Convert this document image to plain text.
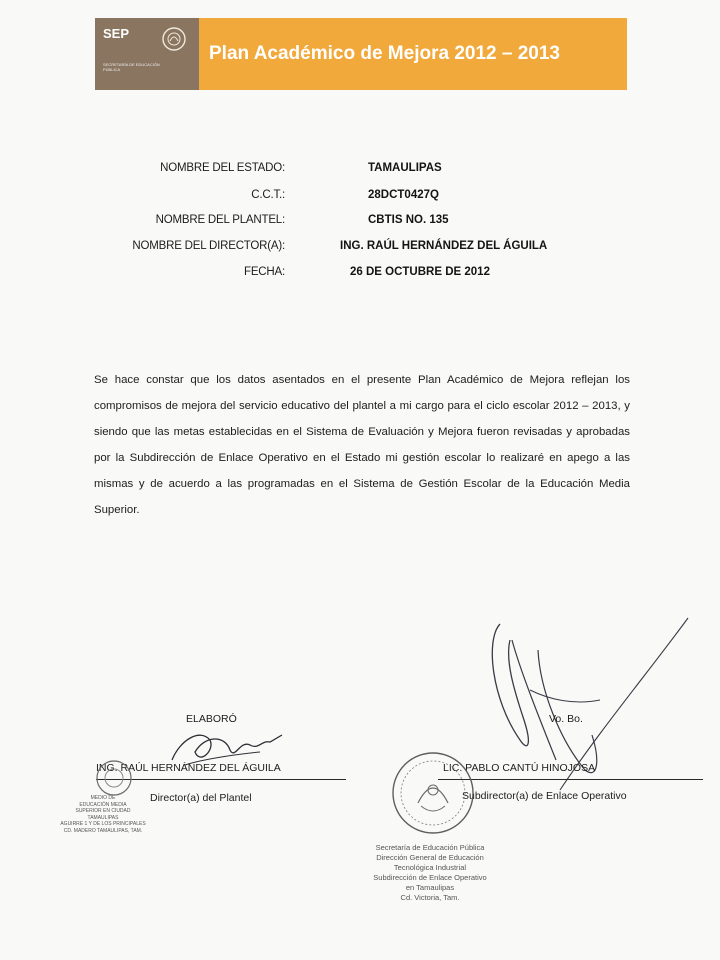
SEP
SECRETARÍA DE EDUCACIÓN PÚBLICA
Plan Académico de Mejora 2012 – 2013
NOMBRE DEL ESTADO:	TAMAULIPAS
C.C.T.:	28DCT0427Q
NOMBRE DEL PLANTEL:	CBTIS NO. 135
NOMBRE DEL DIRECTOR(A):	ING. RAÚL HERNÁNDEZ DEL ÁGUILA
FECHA:	26 DE OCTUBRE DE 2012
Se hace constar que los datos asentados en el presente Plan Académico de Mejora reflejan los compromisos de mejora del servicio educativo del plantel a mi cargo para el ciclo escolar 2012 – 2013, y siendo que las metas establecidas en el Sistema de Evaluación y Mejora fueron revisadas y aprobadas por la Subdirección de Enlace Operativo en el Estado mi gestión escolar lo realizaré en apego a las mismas y de acuerdo a las programadas en el Sistema de Gestión Escolar de la Educación Media Superior.
ELABORÓ	Vo. Bo.
ING. RAÚL HERNÁNDEZ DEL ÁGUILA	LIC. PABLO CANTÚ HINOJOSA
Director(a) del Plantel	Subdirector(a) de Enlace Operativo
MEDIO DE
EDUCACIÓN MEDIA
SUPERIOR EN CIUDAD
TAMAULIPAS
AGUIRRE 1 Y DE LOS PRINCIPALES
CD. MADERO TAMAULIPAS, TAM.
Secretaría de Educación Pública
Dirección General de Educación
Tecnológica Industrial
Subdirección de Enlace Operativo
en Tamaulipas
Cd. Victoria, Tam.
